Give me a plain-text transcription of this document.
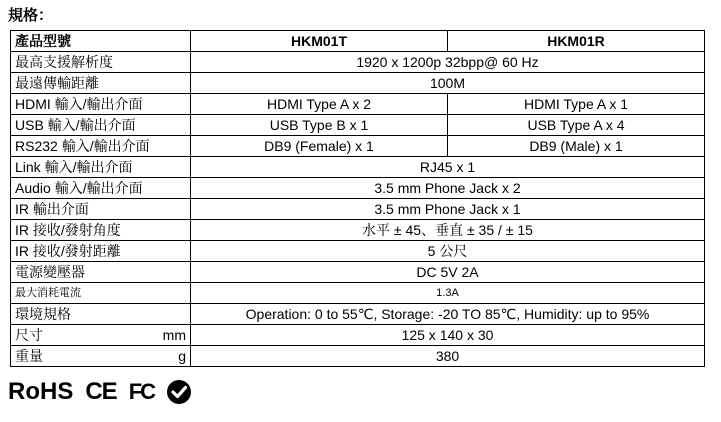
規格：
產品型號	HKM01T	HKM01R
最高支援解析度	1920 x 1200p 32bpp@ 60 Hz	
最遠傳輸距離	100M	
HDMI 輸入/輸出介面	HDMI Type A x 2	HDMI Type A x 1
USB 輸入/輸出介面	USB Type B x 1	USB Type A x 4
RS232 輸入/輸出介面	DB9 (Female) x 1	DB9 (Male) x 1
Link 輸入/輸出介面	RJ45 x 1	
Audio 輸入/輸出介面	3.5 mm Phone Jack x 2	
IR 輸出介面	3.5 mm Phone Jack x 1	
IR 接收/發射角度	水平 ± 45、垂直 ± 35 / ± 15	
IR 接收/發射距離	5 公尺	
電源變壓器	DC 5V 2A	
最大消耗電流	1.3A	
環境規格	Operation: 0 to 55℃, Storage: -20 TO 85℃, Humidity: up to 95%	

尺寸 mm	125 x 140 x 30	

重量 g	380	
RoHS CE FC
